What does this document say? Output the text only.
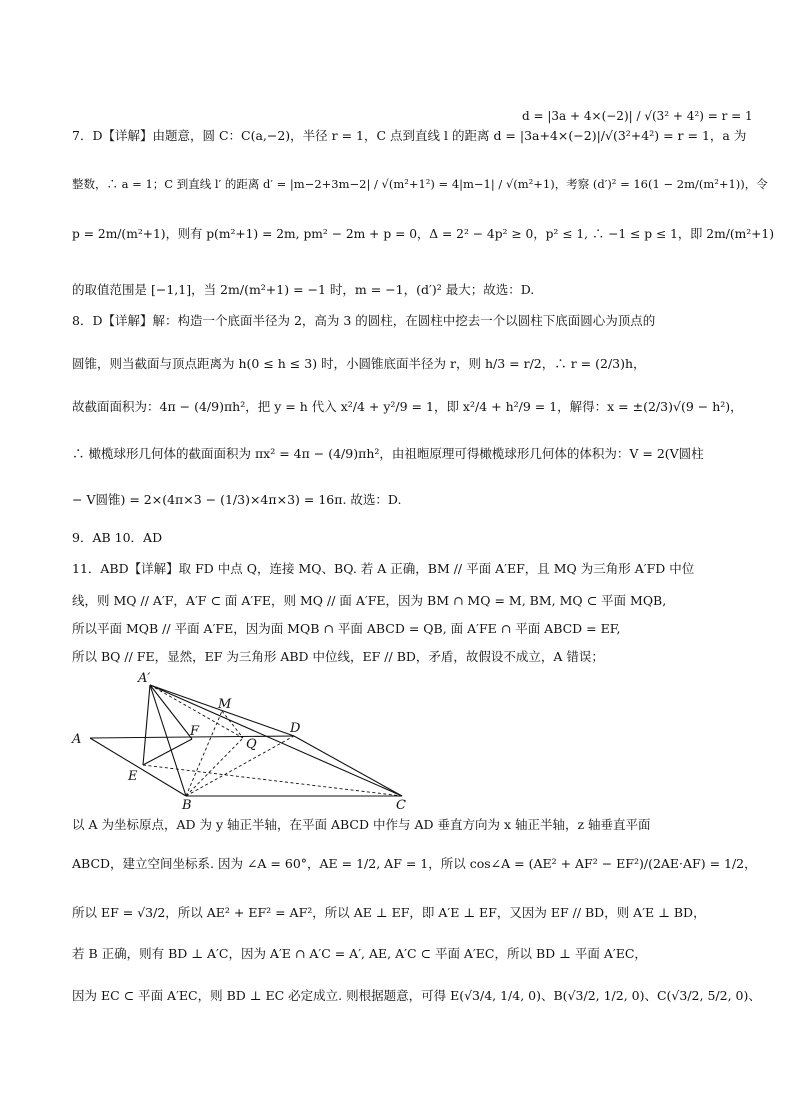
d = |3a + 4×(−2)| / √(3² + 4²) = r = 1
7．D【详解】由题意，圆 C：C(a,−2)，半径 r = 1，C 点到直线 l 的距离 d = |3a+4×(−2)|/√(3²+4²) = r = 1，a 为
整数，∴ a = 1；C 到直线 l′ 的距离 d′ = |m−2+3m−2| / √(m²+1²) = 4|m−1| / √(m²+1)，考察 (d′)² = 16(1 − 2m/(m²+1))，令
p = 2m/(m²+1)，则有 p(m²+1) = 2m, pm² − 2m + p = 0，Δ = 2² − 4p² ≥ 0，p² ≤ 1, ∴ −1 ≤ p ≤ 1，即 2m/(m²+1)
的取值范围是 [−1,1]，当 2m/(m²+1) = −1 时，m = −1，(d′)² 最大；故选：D.
8．D【详解】解：构造一个底面半径为 2，高为 3 的圆柱，在圆柱中挖去一个以圆柱下底面圆心为顶点的
圆锥，则当截面与顶点距离为 h(0 ≤ h ≤ 3) 时，小圆锥底面半径为 r，则 h/3 = r/2，∴ r = (2/3)h，
故截面面积为：4π − (4/9)πh²，把 y = h 代入 x²/4 + y²/9 = 1，即 x²/4 + h²/9 = 1，解得：x = ±(2/3)√(9 − h²)，
∴ 橄榄球形几何体的截面面积为 πx² = 4π − (4/9)πh²，由祖暅原理可得橄榄球形几何体的体积为：V = 2(V圆柱
− V圆锥) = 2×(4π×3 − (1/3)×4π×3) = 16π. 故选：D.
9．AB 10．AD
11．ABD【详解】取 FD 中点 Q，连接 MQ、BQ. 若 A 正确，BM // 平面 A′EF，且 MQ 为三角形 A′FD 中位
线，则 MQ // A′F，A′F ⊂ 面 A′FE，则 MQ // 面 A′FE，因为 BM ∩ MQ = M, BM, MQ ⊂ 平面 MQB,
所以平面 MQB // 平面 A′FE，因为面 MQB ∩ 平面 ABCD = QB, 面 A′FE ∩ 平面 ABCD = EF,
所以 BQ // FE，显然，EF 为三角形 ABD 中位线，EF // BD，矛盾，故假设不成立，A 错误；
A′
A
E
F
M
Q
D
B	C
以 A 为坐标原点，AD 为 y 轴正半轴，在平面 ABCD 中作与 AD 垂直方向为 x 轴正半轴，z 轴垂直平面
ABCD，建立空间坐标系. 因为 ∠A = 60°，AE = 1/2, AF = 1，所以 cos∠A = (AE² + AF² − EF²)/(2AE·AF) = 1/2，
所以 EF = √3/2，所以 AE² + EF² = AF²，所以 AE ⊥ EF，即 A′E ⊥ EF，又因为 EF // BD，则 A′E ⊥ BD，
若 B 正确，则有 BD ⊥ A′C，因为 A′E ∩ A′C = A′, AE, A′C ⊂ 平面 A′EC，所以 BD ⊥ 平面 A′EC，
因为 EC ⊂ 平面 A′EC，则 BD ⊥ EC 必定成立. 则根据题意，可得 E(√3/4, 1/4, 0)、B(√3/2, 1/2, 0)、C(√3/2, 5/2, 0)、
